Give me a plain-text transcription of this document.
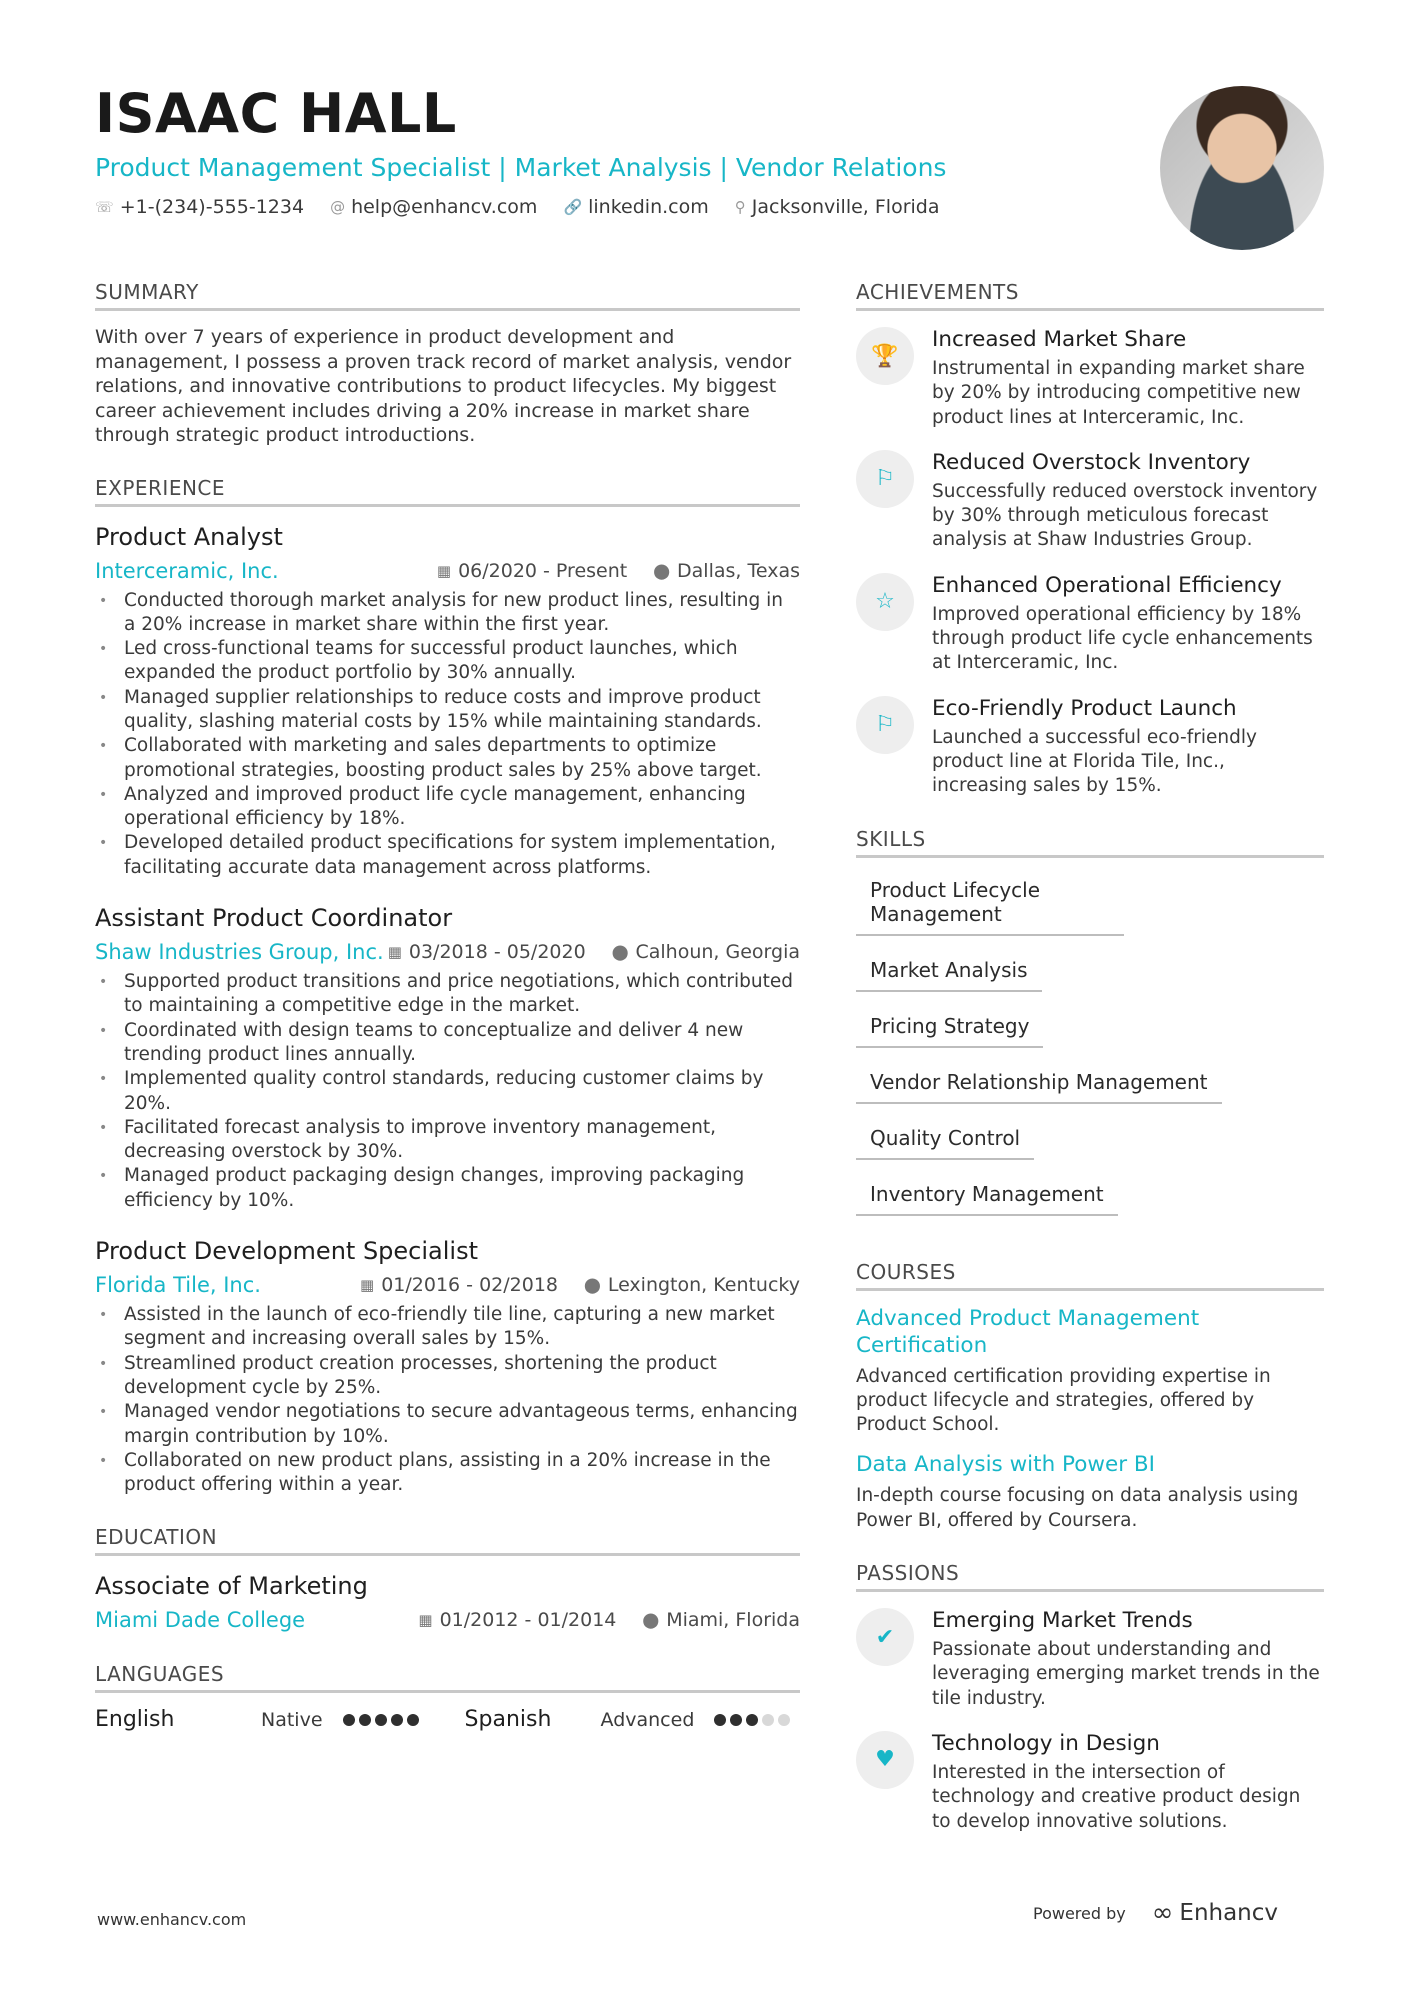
ISAAC HALL
Product Management Specialist | Market Analysis | Vendor Relations
☏ +1-(234)-555-1234 @ help@enhancv.com 🔗 linkedin.com ⚲ Jacksonville, Florida
SUMMARY
With over 7 years of experience in product development and management, I possess a proven track record of market analysis, vendor relations, and innovative contributions to product lifecycles. My biggest career achievement includes driving a 20% increase in market share through strategic product introductions.
EXPERIENCE
Product Analyst
Interceramic, Inc.	▦ 06/2020 - Present ⬤ Dallas, Texas
• Conducted thorough market analysis for new product lines, resulting in a 20% increase in market share within the first year.
• Led cross-functional teams for successful product launches, which expanded the product portfolio by 30% annually.
• Managed supplier relationships to reduce costs and improve product quality, slashing material costs by 15% while maintaining standards.
• Collaborated with marketing and sales departments to optimize promotional strategies, boosting product sales by 25% above target.
• Analyzed and improved product life cycle management, enhancing operational efficiency by 18%.
• Developed detailed product specifications for system implementation, facilitating accurate data management across platforms.
Assistant Product Coordinator
Shaw Industries Group, Inc. ▦ 03/2018 - 05/2020 ⬤ Calhoun, Georgia
• Supported product transitions and price negotiations, which contributed to maintaining a competitive edge in the market.
• Coordinated with design teams to conceptualize and deliver 4 new trending product lines annually.
• Implemented quality control standards, reducing customer claims by 20%.
• Facilitated forecast analysis to improve inventory management, decreasing overstock by 30%.
• Managed product packaging design changes, improving packaging efficiency by 10%.
Product Development Specialist
Florida Tile, Inc.	▦ 01/2016 - 02/2018 ⬤ Lexington, Kentucky
• Assisted in the launch of eco-friendly tile line, capturing a new market segment and increasing overall sales by 15%.
• Streamlined product creation processes, shortening the product development cycle by 25%.
• Managed vendor negotiations to secure advantageous terms, enhancing margin contribution by 10%.
• Collaborated on new product plans, assisting in a 20% increase in the product offering within a year.
EDUCATION
Associate of Marketing
Miami Dade College	▦ 01/2012 - 01/2014 ⬤ Miami, Florida
LANGUAGES
English	Native	Spanish	Advanced
ACHIEVEMENTS
🏆
Increased Market Share
Instrumental in expanding market share by 20% by introducing competitive new product lines at Interceramic, Inc.
⚐
Reduced Overstock Inventory
Successfully reduced overstock inventory by 30% through meticulous forecast analysis at Shaw Industries Group.
☆
Enhanced Operational Efficiency
Improved operational efficiency by 18% through product life cycle enhancements at Interceramic, Inc.
⚐
Eco-Friendly Product Launch
Launched a successful eco-friendly product line at Florida Tile, Inc., increasing sales by 15%.
SKILLS
Product Lifecycle Management
Market Analysis
Pricing Strategy
Vendor Relationship Management
Quality Control
Inventory Management
COURSES
Advanced Product Management Certification
Advanced certification providing expertise in product lifecycle and strategies, offered by Product School.
Data Analysis with Power BI
In-depth course focusing on data analysis using Power BI, offered by Coursera.
PASSIONS
✔
Emerging Market Trends
Passionate about understanding and leveraging emerging market trends in the tile industry.
♥
Technology in Design
Interested in the intersection of technology and creative product design to develop innovative solutions.
www.enhancv.com	Powered by ∞ Enhancv
